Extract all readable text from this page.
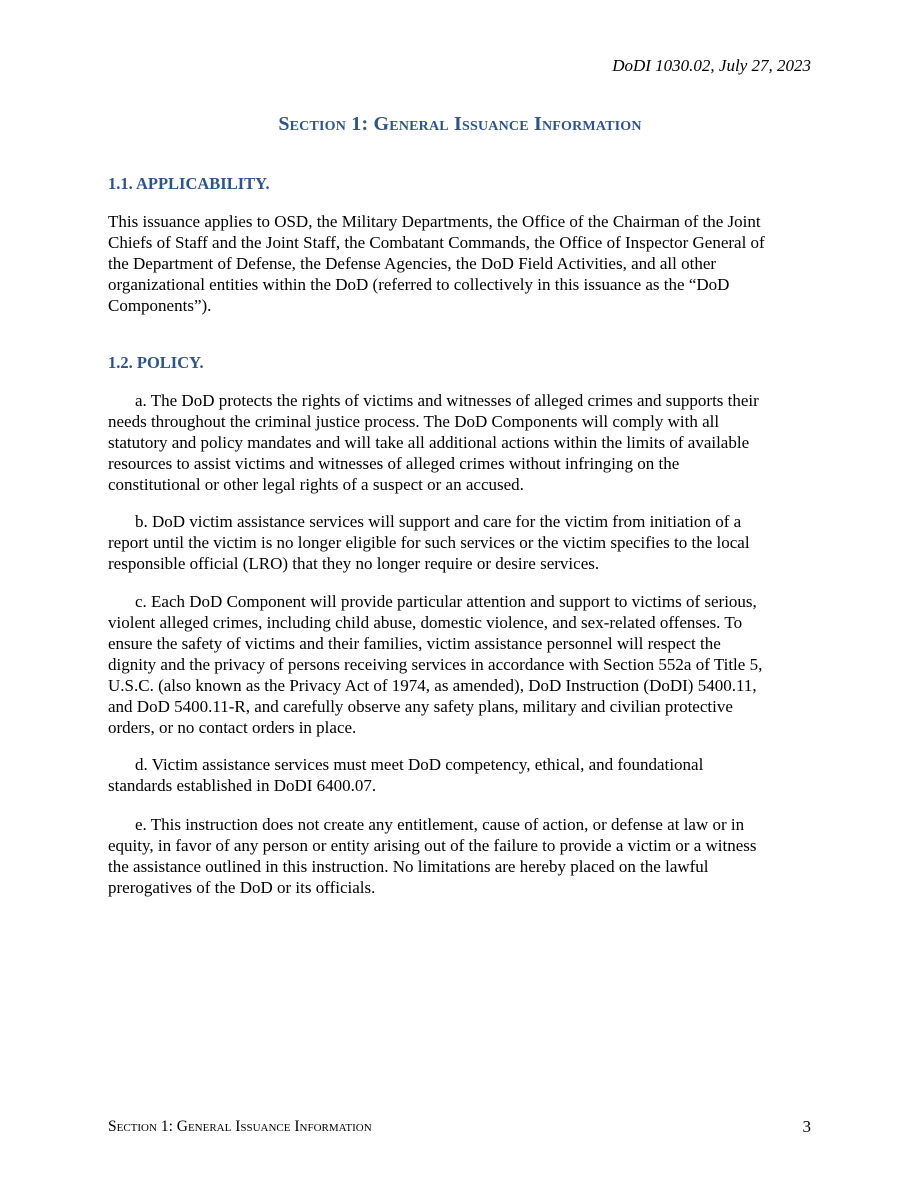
DoDI 1030.02, July 27, 2023
Section 1: General Issuance Information
1.1. APPLICABILITY.
This issuance applies to OSD, the Military Departments, the Office of the Chairman of the Joint
Chiefs of Staff and the Joint Staff, the Combatant Commands, the Office of Inspector General of
the Department of Defense, the Defense Agencies, the DoD Field Activities, and all other
organizational entities within the DoD (referred to collectively in this issuance as the “DoD
Components”).
1.2. POLICY.
a. The DoD protects the rights of victims and witnesses of alleged crimes and supports their
needs throughout the criminal justice process. The DoD Components will comply with all
statutory and policy mandates and will take all additional actions within the limits of available
resources to assist victims and witnesses of alleged crimes without infringing on the
constitutional or other legal rights of a suspect or an accused.
b. DoD victim assistance services will support and care for the victim from initiation of a
report until the victim is no longer eligible for such services or the victim specifies to the local
responsible official (LRO) that they no longer require or desire services.
c. Each DoD Component will provide particular attention and support to victims of serious,
violent alleged crimes, including child abuse, domestic violence, and sex-related offenses. To
ensure the safety of victims and their families, victim assistance personnel will respect the
dignity and the privacy of persons receiving services in accordance with Section 552a of Title 5,
U.S.C. (also known as the Privacy Act of 1974, as amended), DoD Instruction (DoDI) 5400.11,
and DoD 5400.11-R, and carefully observe any safety plans, military and civilian protective
orders, or no contact orders in place.
d. Victim assistance services must meet DoD competency, ethical, and foundational
standards established in DoDI 6400.07.
e. This instruction does not create any entitlement, cause of action, or defense at law or in
equity, in favor of any person or entity arising out of the failure to provide a victim or a witness
the assistance outlined in this instruction. No limitations are hereby placed on the lawful
prerogatives of the DoD or its officials.
Section 1: General Issuance Information	3
